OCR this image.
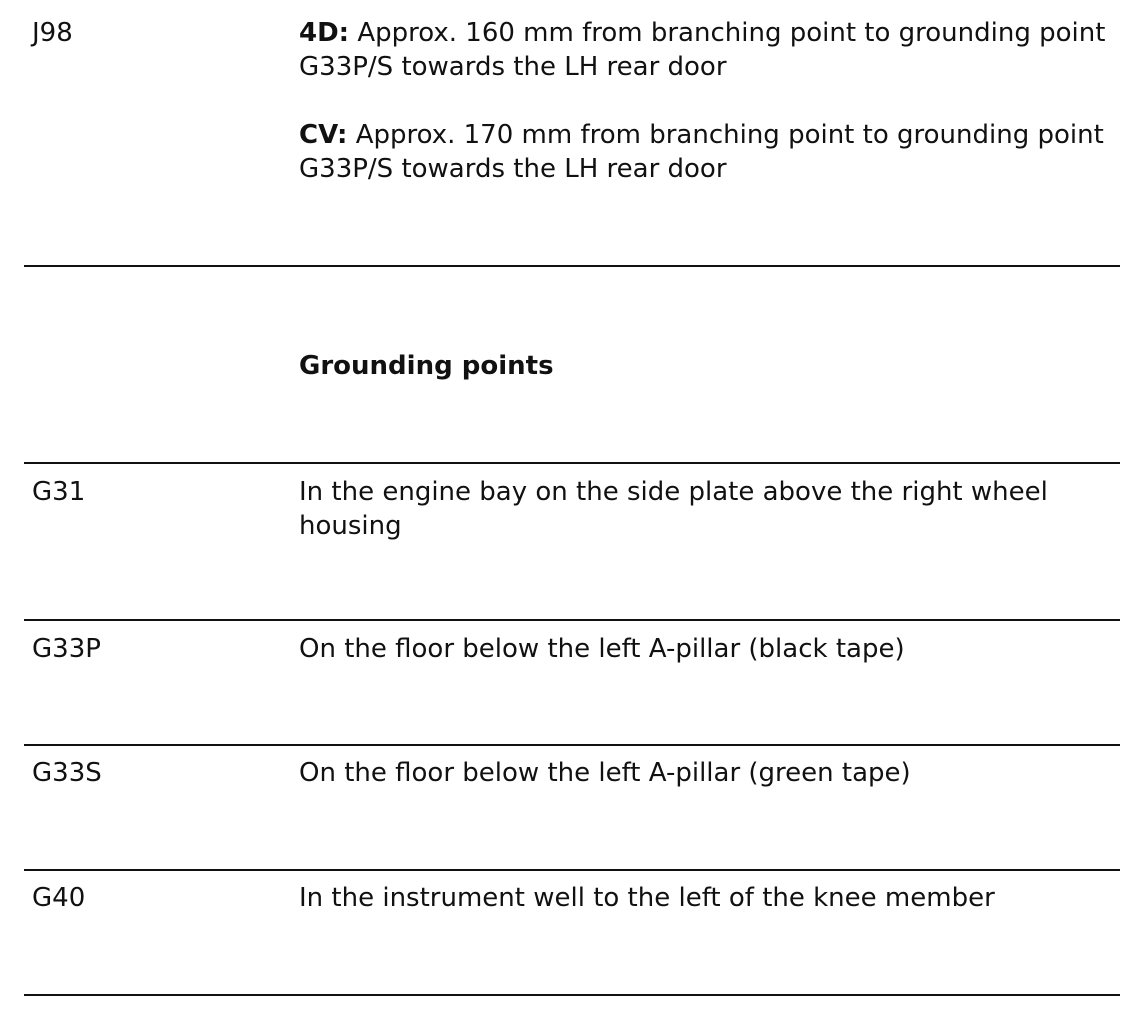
J98	4D: Approx. 160 mm from branching point to grounding point G33P/S towards the LH rear door
CV: Approx. 170 mm from branching point to grounding point G33P/S towards the LH rear door
Grounding points
G31	In the engine bay on the side plate above the right wheel housing
G33P	On the floor below the left A-pillar (black tape)
G33S	On the floor below the left A-pillar (green tape)
G40	In the instrument well to the left of the knee member
